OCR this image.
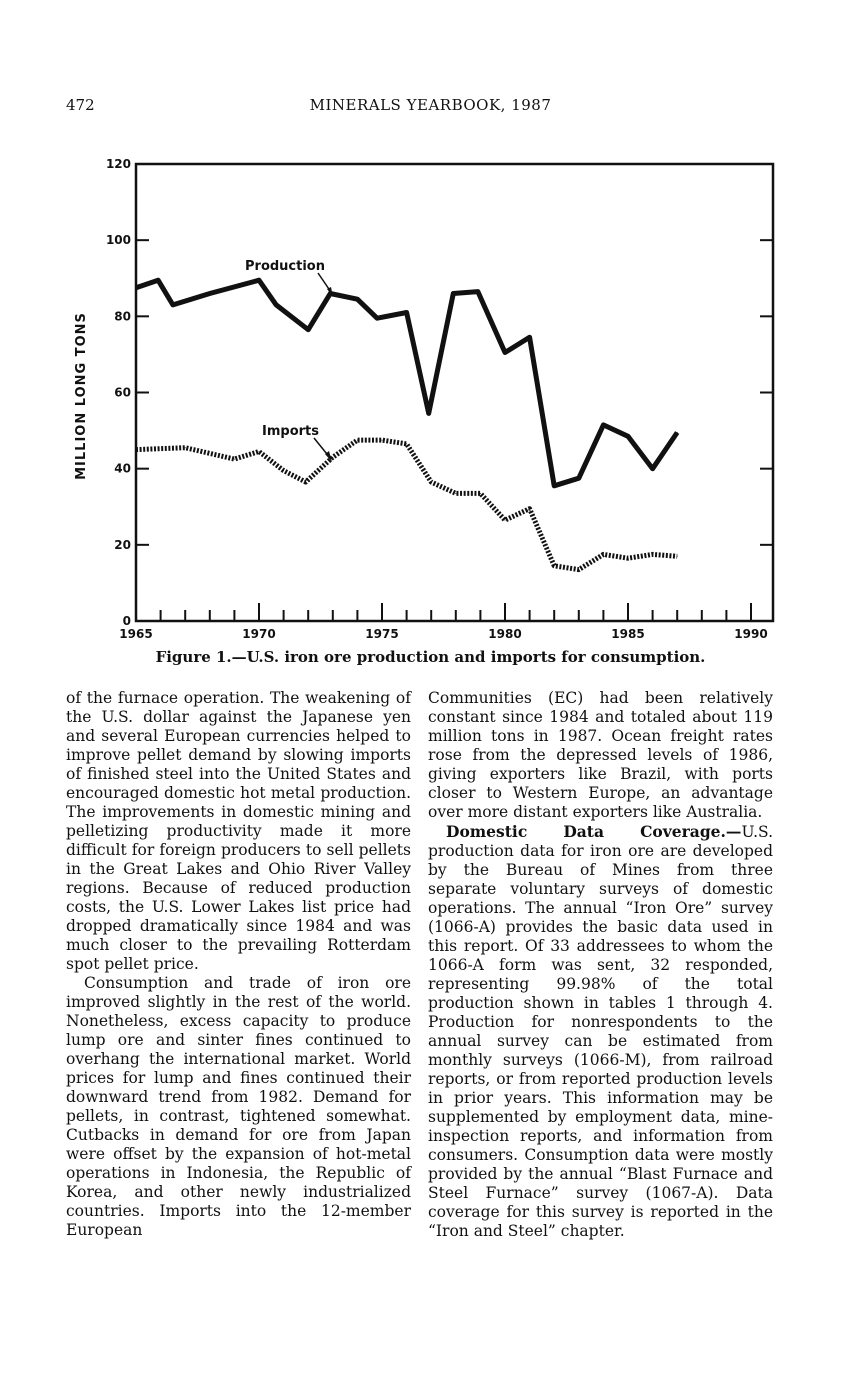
472	MINERALS YEARBOOK, 1987
1965	1970	1975	1980	1985	1990
0
20
40
60
80
100
120
Production
Imports
MILLION LONG TONS
Figure 1.—U.S. iron ore production and imports for consumption.

of the furnace operation. The weakening of the U.S. dollar against the Japanese yen and several European currencies helped to improve pellet demand by slowing imports of finished steel into the United States and encouraged domestic hot metal production. The improvements in domestic mining and pelletizing productivity made it more difficult for foreign producers to sell pellets in the Great Lakes and Ohio River Valley regions. Because of reduced production costs, the U.S. Lower Lakes list price had dropped dramatically since 1984 and was much closer to the prevailing Rotterdam spot pellet price.

Consumption and trade of iron ore improved slightly in the rest of the world. Nonetheless, excess capacity to produce lump ore and sinter fines continued to overhang the international market. World prices for lump and fines continued their downward trend from 1982. Demand for pellets, in contrast, tightened somewhat. Cutbacks in demand for ore from Japan were offset by the expansion of hot-metal operations in Indonesia, the Republic of Korea, and other newly industrialized countries. Imports into the 12-member European

Communities (EC) had been relatively constant since 1984 and totaled about 119 million tons in 1987. Ocean freight rates rose from the depressed levels of 1986, giving exporters like Brazil, with ports closer to Western Europe, an advantage over more distant exporters like Australia.

Domestic Data Coverage.—U.S. production data for iron ore are developed by the Bureau of Mines from three separate voluntary surveys of domestic operations. The annual “Iron Ore” survey (1066-A) provides the basic data used in this report. Of 33 addressees to whom the 1066-A form was sent, 32 responded, representing 99.98% of the total production shown in tables 1 through 4. Production for nonrespondents to the annual survey can be estimated from monthly surveys (1066-M), from railroad reports, or from reported production levels in prior years. This information may be supplemented by employment data, mine-inspection reports, and information from consumers. Consumption data were mostly provided by the annual “Blast Furnace and Steel Furnace” survey (1067-A). Data coverage for this survey is reported in the “Iron and Steel” chapter.
